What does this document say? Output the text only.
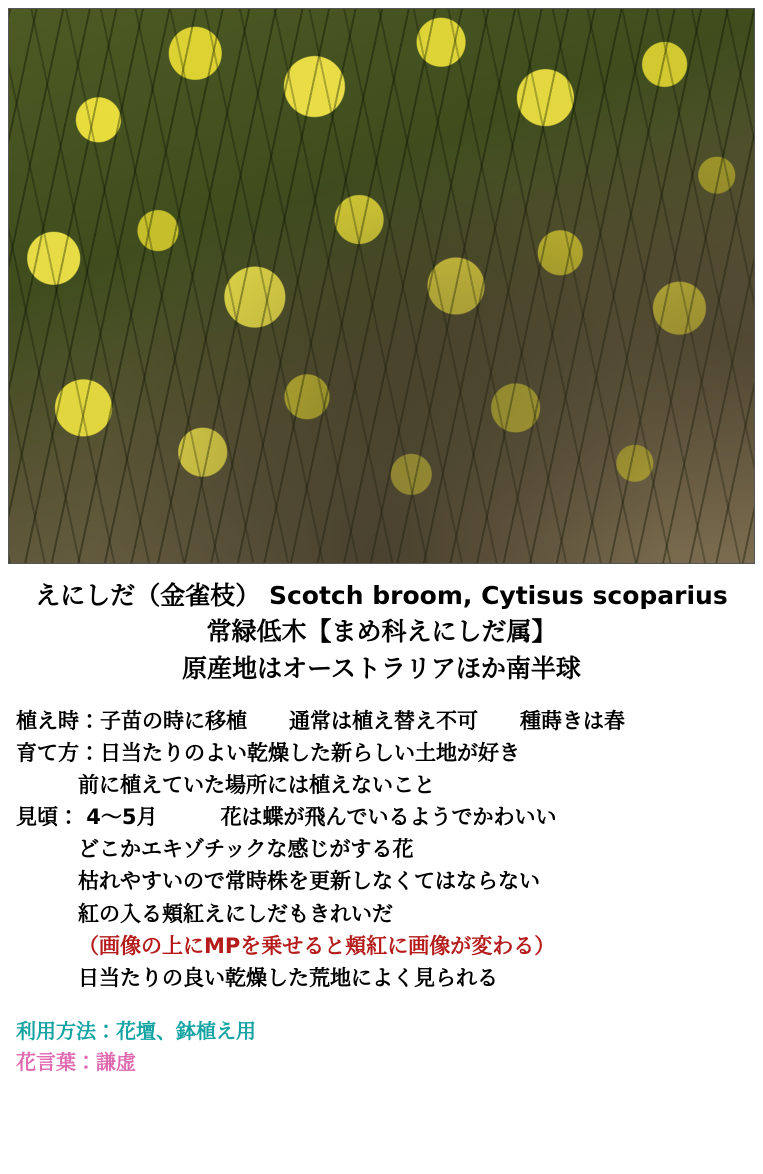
えにしだ（金雀枝） Scotch broom, Cytisus scoparius
常緑低木【まめ科えにしだ属】
原産地はオーストラリアほか南半球
植え時：子苗の時に移植　　通常は植え替え不可　　種蒔きは春
育て方：日当たりのよい乾燥した新らしい土地が好き
前に植えていた場所には植えないこと
見頃： 4〜5月　　　花は蝶が飛んでいるようでかわいい
どこかエキゾチックな感じがする花
枯れやすいので常時株を更新しなくてはならない
紅の入る頬紅えにしだもきれいだ
（画像の上にMPを乗せると頬紅に画像が変わる）
日当たりの良い乾燥した荒地によく見られる
利用方法：花壇、鉢植え用
花言葉：謙虚
